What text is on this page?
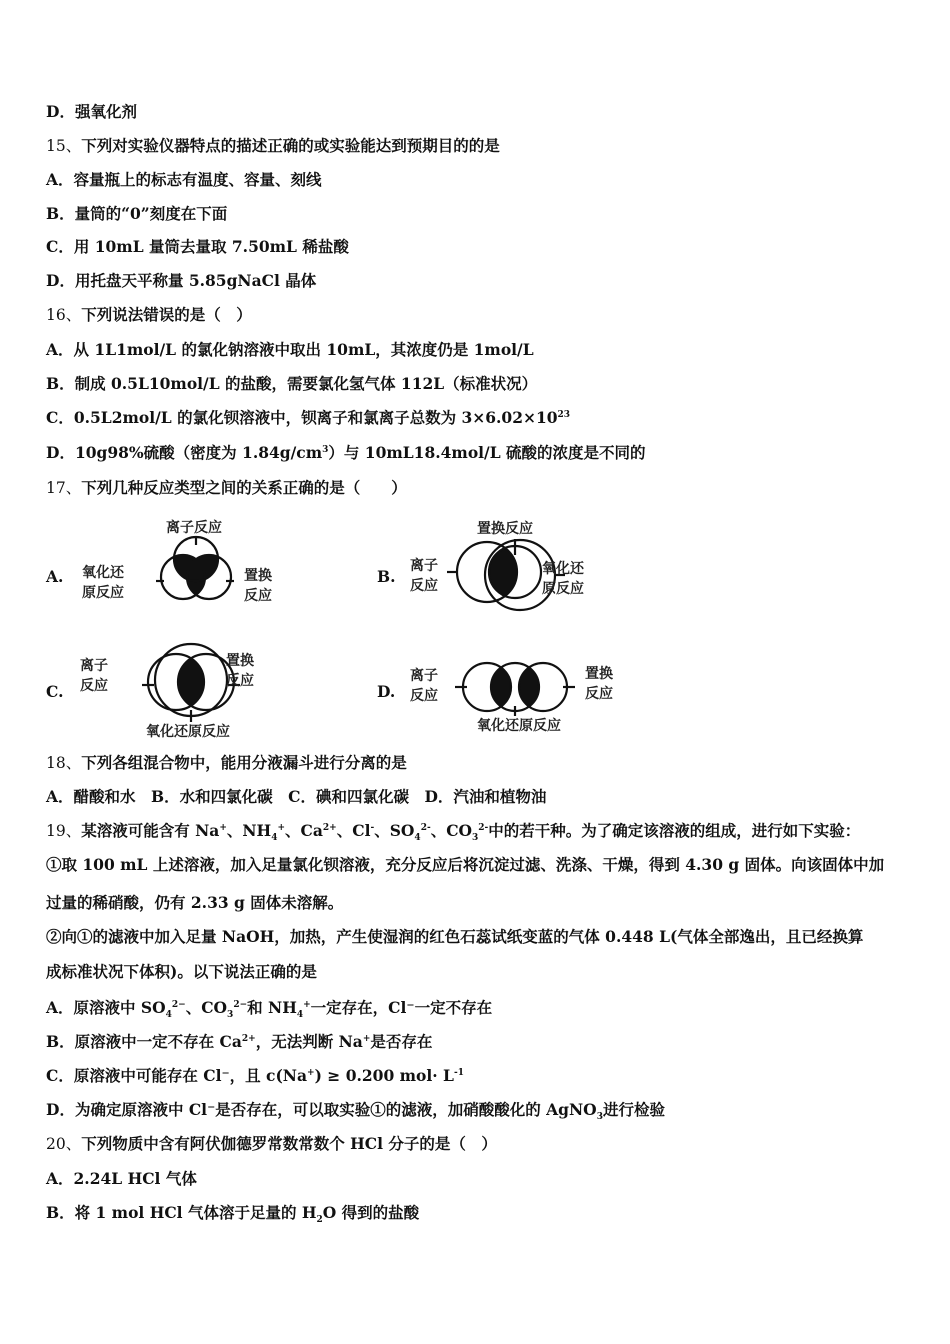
D．强氧化剂
15、下列对实验仪器特点的描述正确的或实验能达到预期目的的是
A．容量瓶上的标志有温度、容量、刻线
B．量筒的“0”刻度在下面
C．用 10mL 量筒去量取 7.50mL 稀盐酸
D．用托盘天平称量 5.85gNaCl 晶体
16、下列说法错误的是（　）
A．从 1L1mol/L 的氯化钠溶液中取出 10mL，其浓度仍是 1mol/L
B．制成 0.5L10mol/L 的盐酸，需要氯化氢气体 112L（标准状况）
C．0.5L2mol/L 的氯化钡溶液中，钡离子和氯离子总数为 $3\times 6.02\times 10^{23}$
D．10g98%硫酸（密度为 $1.84g/cm^3$）与 10mL18.4mol/L 硫酸的浓度是不同的
17、下列几种反应类型之间的关系正确的是（　　）
18、下列各组混合物中，能用分液漏斗进行分离的是
A．醋酸和水　B．水和四氯化碳　C．碘和四氯化碳　D．汽油和植物油
19、某溶液可能含有 Na+、$NH_4^+$、$Ca^{2+}$、Cl-、$SO_4^{2-}$、$CO_3^{2-}$中的若干种。为了确定该溶液的组成，进行如下实验：
①取 100 mL 上述溶液，加入足量氯化钡溶液，充分反应后将沉淀过滤、洗涤、干燥，得到 4.30 g 固体。向该固体中加
过量的稀硝酸，仍有 2.33 g 固体未溶解。
②向①的滤液中加入足量 NaOH，加热，产生使湿润的红色石蕊试纸变蓝的气体 0.448 L(气体全部逸出，且已经换算
成标准状况下体积)。以下说法正确的是
A．原溶液中 $SO_4^{2-}$、$CO_3^{2-}$和 $NH_4^+$一定存在，Cl⁻一定不存在
B．原溶液中一定不存在 $Ca^{2+}$，无法判断 Na+是否存在
C．原溶液中可能存在 Cl⁻，且 c(Na+) ≥ 0.200 $mol\cdot L^{-1}$
D．为确定原溶液中 Cl⁻是否存在，可以取实验①的滤液，加硝酸酸化的 AgNO$_3$进行检验
20、下列物质中含有阿伏伽德罗常数常数个 HCl 分子的是（　）
A．2.24L HCl 气体
B．将 1 mol HCl 气体溶于足量的 $H_2O$ 得到的盐酸
A.
离子反应
氧化还
原反应
置换
反应
B.
置换反应
离子
反应
氧化还
原反应
C.
离子
反应
置换
反应
氧化还原反应
D.
离子
反应
置换
反应
氧化还原反应
